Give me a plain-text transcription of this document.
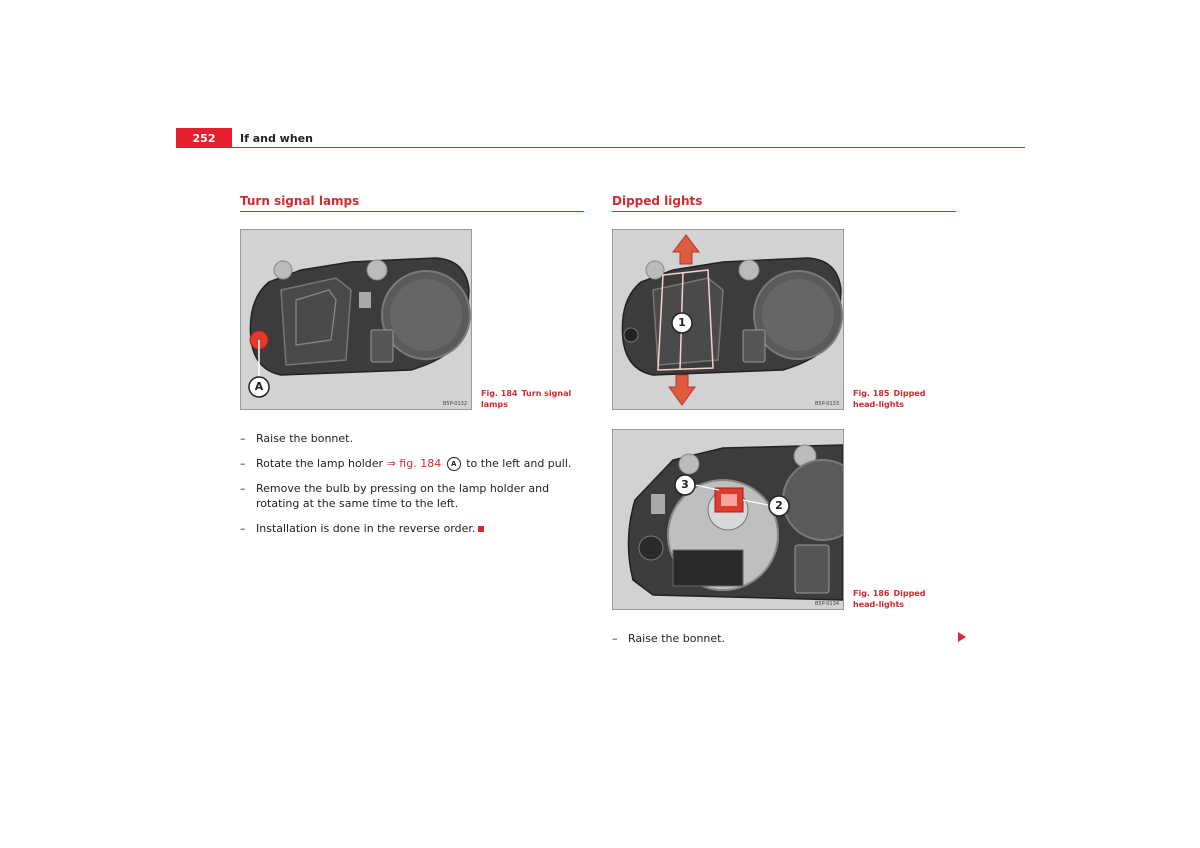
252	If and when
Turn signal lamps
A
B5P-0132
Fig. 184 Turn signal lamps
– Raise the bonnet.
– Rotate the lamp holder ⇒ fig. 184 A to the left and pull.
– Remove the bulb by pressing on the lamp holder and rotating at the same time to the left.
– Installation is done in the reverse order.
Dipped lights
1
B5P-0133
Fig. 185 Dipped head-lights
3
2
B5P-0134
Fig. 186 Dipped head-lights
– Raise the bonnet.
